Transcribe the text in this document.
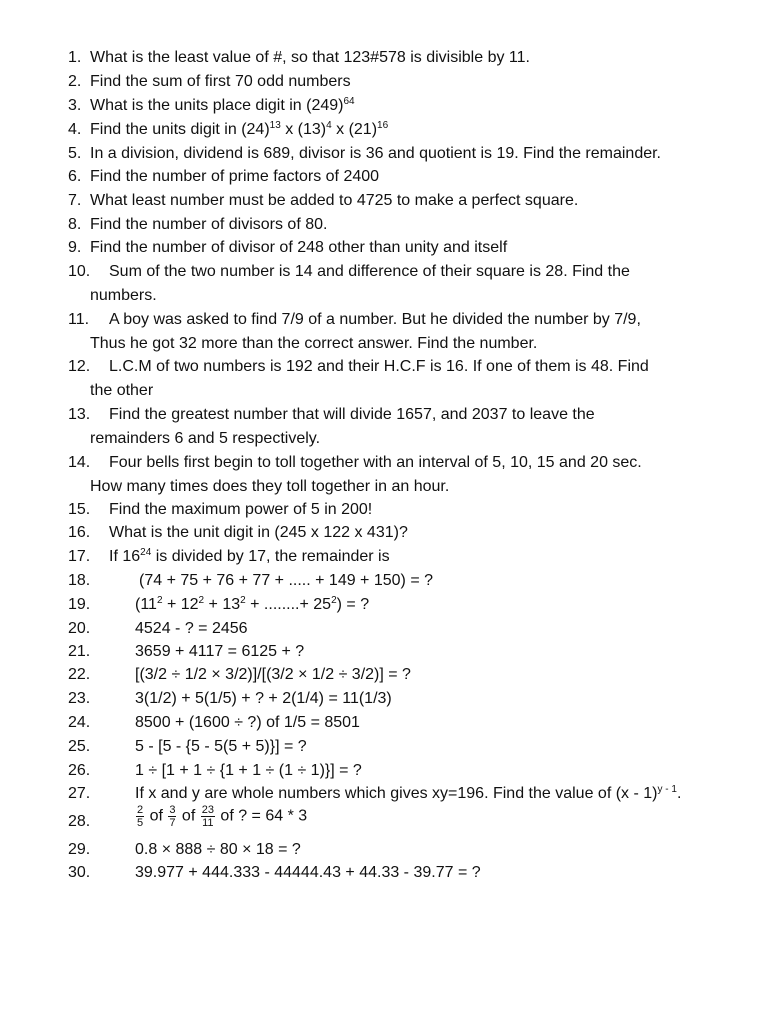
1. What is the least value of #, so that 123#578 is divisible by 11.
2. Find the sum of first 70 odd numbers
3. What is the units place digit in $(249)^{64}$
4. Find the units digit in $(24)^{13}$ x $(13)^4$ x $(21)^{16}$
5. In a division, dividend is 689, divisor is 36 and quotient is 19. Find the remainder.
6. Find the number of prime factors of 2400
7. What least number must be added to 4725 to make a perfect square.
8. Find the number of divisors of 80.
9. Find the number of divisor of 248 other than unity and itself
10. Sum of the two number is 14 and difference of their square is 28. Find the
numbers.
11. A boy was asked to find 7/9 of a number. But he divided the number by 7/9,
Thus he got 32 more than the correct answer. Find the number.
12. L.C.M of two numbers is 192 and their H.C.F is 16. If one of them is 48. Find
the other
13. Find the greatest number that will divide 1657, and 2037 to leave the
remainders 6 and 5 respectively.
14. Four bells first begin to toll together with an interval of 5, 10, 15 and 20 sec.
How many times does they toll together in an hour.
15. Find the maximum power of 5 in 200!
16. What is the unit digit in (245 x 122 x 431)?
17. If $16^{24}$ is divided by 17, the remainder is
18.	(74 + 75 + 76 + 77 + ..... + 149 + 150) = ?
19.	($11^2 + 12^2 + 13^2$ + ........+ $25^2$) = ?
20.	4524 - ? = 2456
21.	3659 + 4117 = 6125 + ?
22.	[(3/2 ÷ 1/2 × 3/2)]/[(3/2 × 1/2 ÷ 3/2)] = ?
23.	3(1/2) + 5(1/5) + ? + 2(1/4) = 11(1/3)
24.	8500 + (1600 ÷ ?) of 1/5 = 8501
25.	5 - [5 - {5 - 5(5 + 5)}] = ?
26.	1 ÷ [1 + 1 ÷ {1 + 1 ÷ (1 ÷ 1)}] = ?
27.	If x and y are whole numbers which gives xy=196. Find the value of (x - 1)$^{y - 1}$.
28.	$\frac{2}{5}$ of $\frac{3}{7}$ of $\frac{23}{11}$ of ? = 64 * 3
29.	0.8 × 888 ÷ 80 × 18 = ?
30.	39.977 + 444.333 - 44444.43 + 44.33 - 39.77 = ?
